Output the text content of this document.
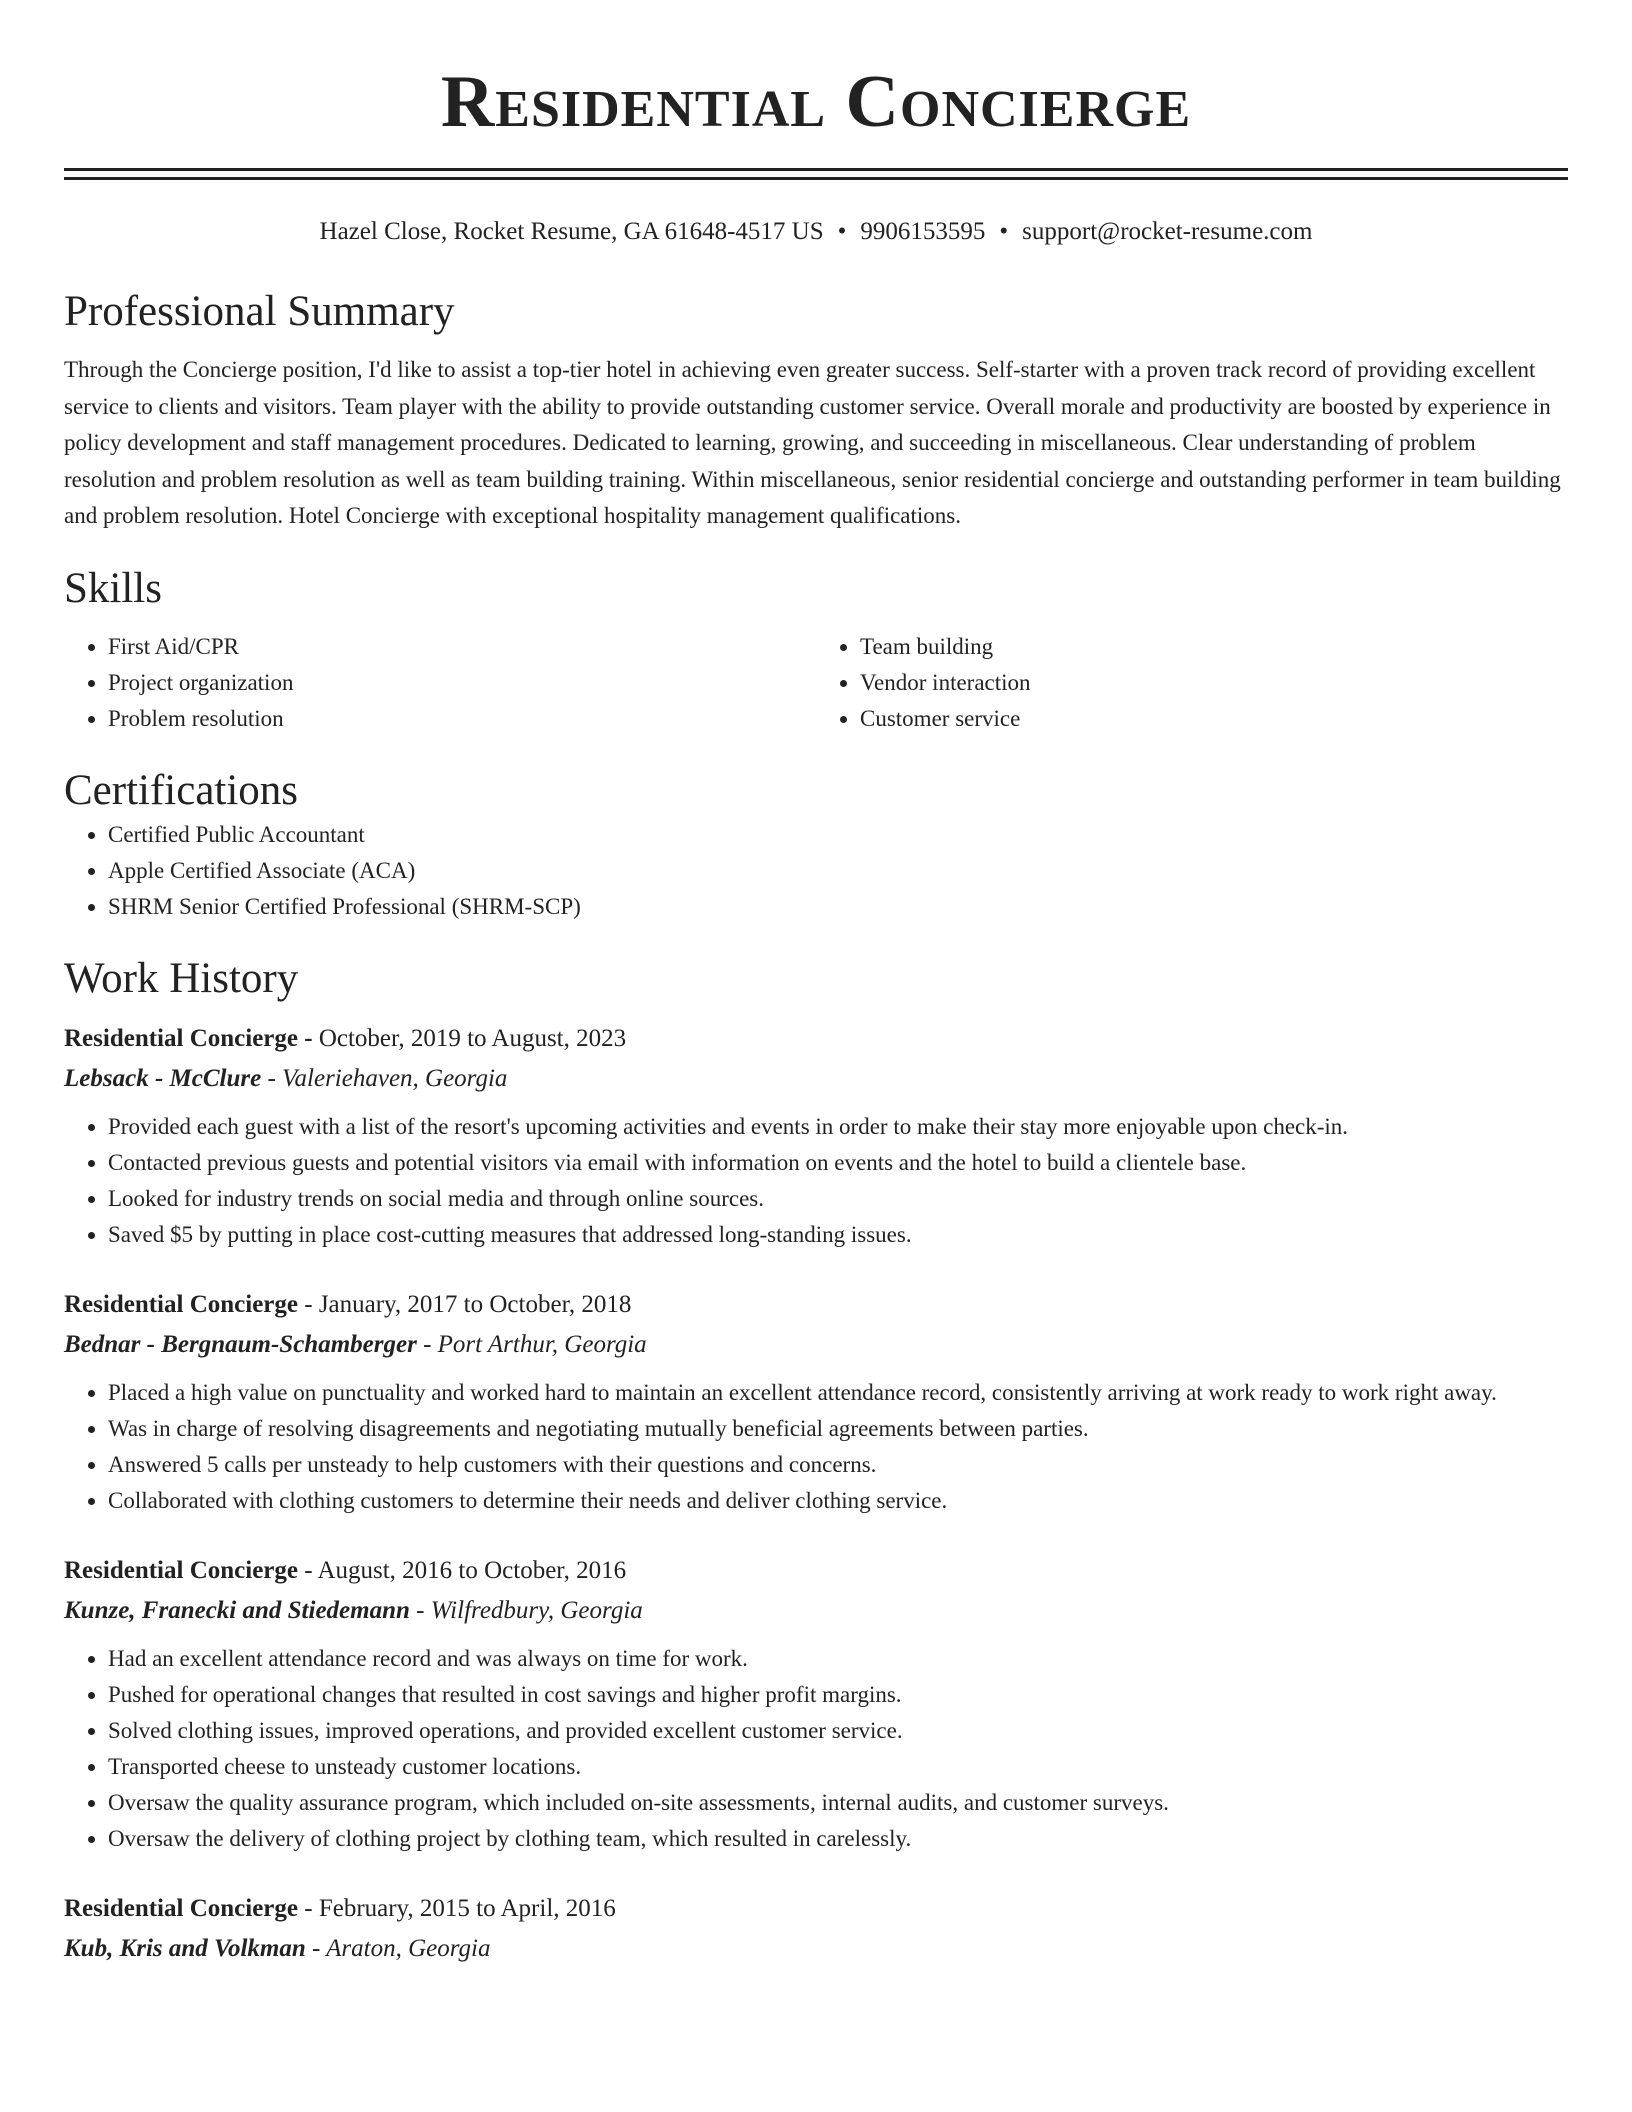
Residential Concierge
Hazel Close, Rocket Resume, GA 61648-4517 US • 9906153595 • support@rocket-resume.com
Professional Summary

Through the Concierge position, I'd like to assist a top-tier hotel in achieving even greater success. Self-starter with a proven track record of providing excellent service to clients and visitors. Team player with the ability to provide outstanding customer service. Overall morale and productivity are boosted by experience in policy development and staff management procedures. Dedicated to learning, growing, and succeeding in miscellaneous. Clear understanding of problem resolution and problem resolution as well as team building training. Within miscellaneous, senior residential concierge and outstanding performer in team building and problem resolution. Hotel Concierge with exceptional hospitality management qualifications.

Skills
• First Aid/CPR
• Project organization
• Problem resolution
• Team building
• Vendor interaction
• Customer service
Certifications
• Certified Public Accountant
• Apple Certified Associate (ACA)
• SHRM Senior Certified Professional (SHRM-SCP)
Work History
Residential Concierge - October, 2019 to August, 2023
Lebsack - McClure - Valeriehaven, Georgia
• Provided each guest with a list of the resort's upcoming activities and events in order to make their stay more enjoyable upon check-in.
• Contacted previous guests and potential visitors via email with information on events and the hotel to build a clientele base.
• Looked for industry trends on social media and through online sources.
• Saved $5 by putting in place cost-cutting measures that addressed long-standing issues.
Residential Concierge - January, 2017 to October, 2018
Bednar - Bergnaum-Schamberger - Port Arthur, Georgia
• Placed a high value on punctuality and worked hard to maintain an excellent attendance record, consistently arriving at work ready to work right away.
• Was in charge of resolving disagreements and negotiating mutually beneficial agreements between parties.
• Answered 5 calls per unsteady to help customers with their questions and concerns.
• Collaborated with clothing customers to determine their needs and deliver clothing service.
Residential Concierge - August, 2016 to October, 2016
Kunze, Franecki and Stiedemann - Wilfredbury, Georgia
• Had an excellent attendance record and was always on time for work.
• Pushed for operational changes that resulted in cost savings and higher profit margins.
• Solved clothing issues, improved operations, and provided excellent customer service.
• Transported cheese to unsteady customer locations.
• Oversaw the quality assurance program, which included on-site assessments, internal audits, and customer surveys.
• Oversaw the delivery of clothing project by clothing team, which resulted in carelessly.
Residential Concierge - February, 2015 to April, 2016
Kub, Kris and Volkman - Araton, Georgia
